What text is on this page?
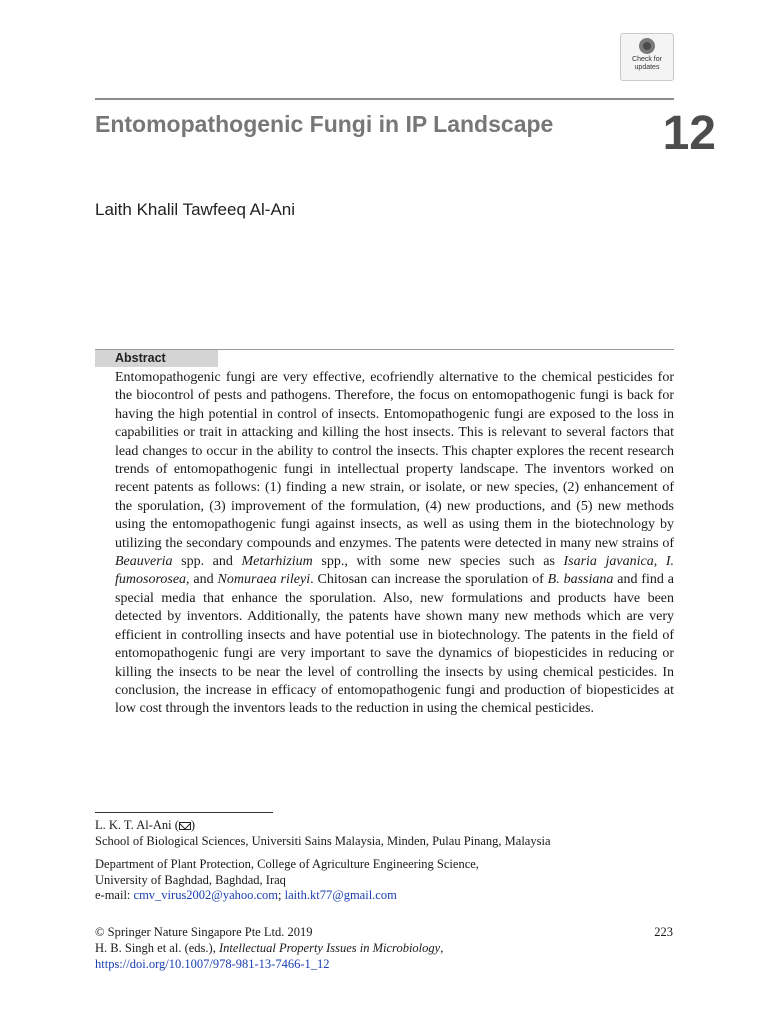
Check for
updates
Entomopathogenic Fungi in IP Landscape 12
Laith Khalil Tawfeeq Al-Ani
Abstract

Entomopathogenic fungi are very effective, ecofriendly alternative to the chemical pesticides for the biocontrol of pests and pathogens. Therefore, the focus on entomopathogenic fungi is back for having the high potential in control of insects. Entomopathogenic fungi are exposed to the loss in capabilities or trait in attacking and killing the host insects. This is relevant to several factors that lead changes to occur in the ability to control the insects. This chapter explores the recent research trends of entomopathogenic fungi in intellectual property landscape. The inventors worked on recent patents as follows: (1) finding a new strain, or isolate, or new species, (2) enhancement of the sporulation, (3) improvement of the formulation, (4) new productions, and (5) new methods using the entomopathogenic fungi against insects, as well as using them in the biotechnology by utilizing the secondary compounds and enzymes. The patents were detected in many new strains of Beauveria spp. and Metarhizium spp., with some new species such as Isaria javanica, I. fumosorosea, and Nomuraea rileyi. Chitosan can increase the sporulation of B. bassiana and find a special media that enhance the sporulation. Also, new formulations and products have been detected by inventors. Additionally, the patents have shown many new methods which are very efficient in controlling insects and have potential use in biotechnology. The patents in the field of entomopathogenic fungi are very important to save the dynamics of biopesticides in reducing or killing the insects to be near the level of controlling the insects by using chemical pesticides. In conclusion, the increase in efficacy of entomopathogenic fungi and production of biopesticides at low cost through the inventors leads to the reduction in using the chemical pesticides.

L. K. T. Al-Ani ( )

School of Biological Sciences, Universiti Sains Malaysia, Minden, Pulau Pinang, Malaysia

Department of Plant Protection, College of Agriculture Engineering Science,

University of Baghdad, Baghdad, Iraq

e-mail: cmv_virus2002@yahoo.com; laith.kt77@gmail.com

© Springer Nature Singapore Pte Ltd. 2019

H. B. Singh et al. (eds.), Intellectual Property Issues in Microbiology,

https://doi.org/10.1007/978-981-13-7466-1_12

223
